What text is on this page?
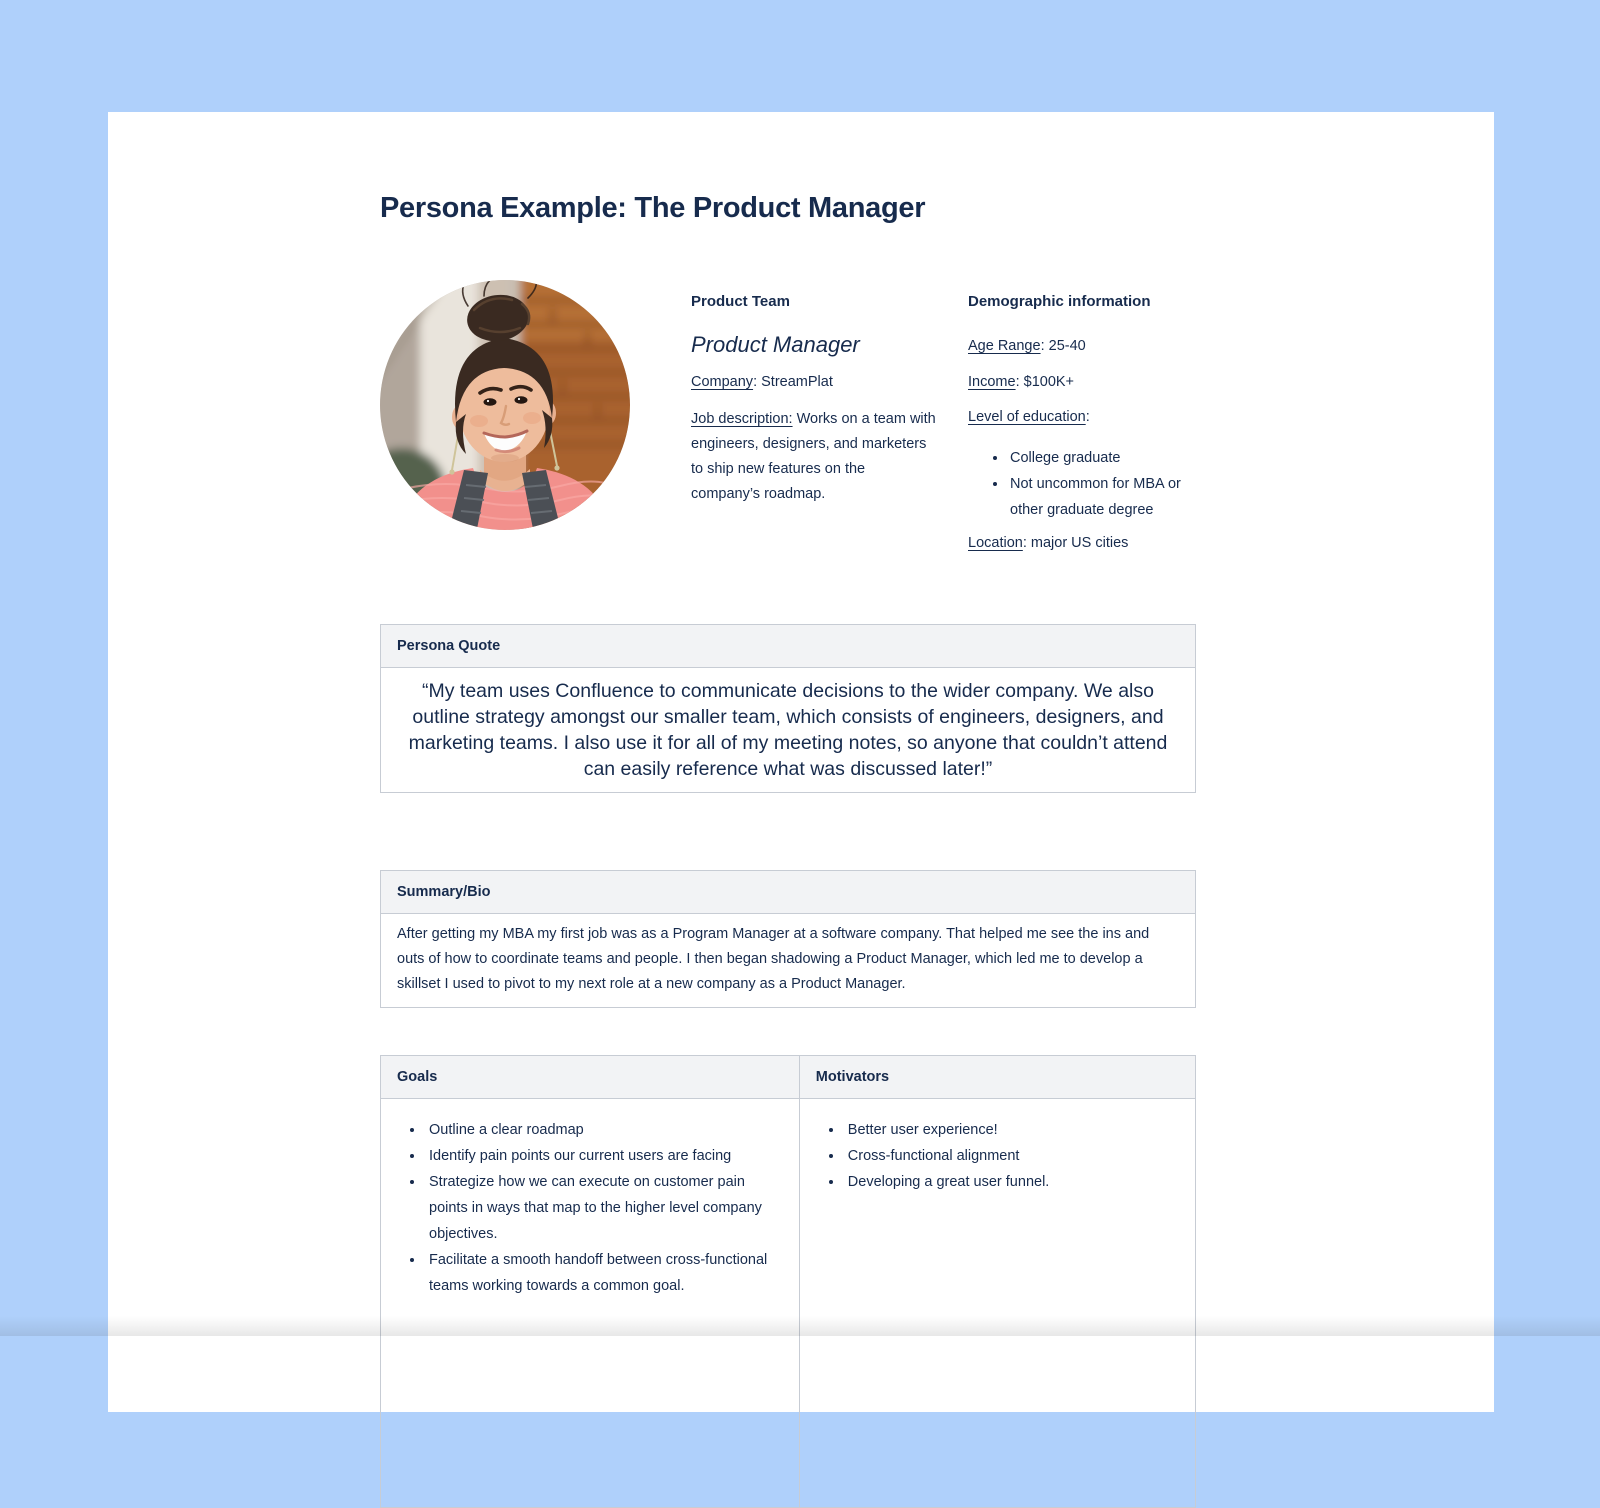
Persona Example: The Product Manager

Product Team

Product Manager

Company: StreamPlat

Job description: Works on a team with engineers, designers, and marketers to ship new features on the company’s roadmap.

Demographic information

Age Range: 25-40

Income: $100K+

Level of education:

• College graduate
• Not uncommon for MBA or other graduate degree

Location: major US cities

Persona Quote
“My team uses Confluence to communicate decisions to the wider company. We also outline strategy amongst our smaller team, which consists of engineers, designers, and marketing teams. I also use it for all of my meeting notes, so anyone that couldn’t attend can easily reference what was discussed later!”
Summary/Bio
After getting my MBA my first job was as a Program Manager at a software company. That helped me see the ins and outs of how to coordinate teams and people. I then began shadowing a Product Manager, which led me to develop a skillset I used to pivot to my next role at a new company as a Product Manager.
Goals	Motivators

• Outline a clear roadmap
• Identify pain points our current users are facing
• Strategize how we can execute on customer pain points in ways that map to the higher level company objectives.
• Facilitate a smooth handoff between cross-functional teams working towards a common goal.

• Better user experience!
• Cross-functional alignment
• Developing a great user funnel.
